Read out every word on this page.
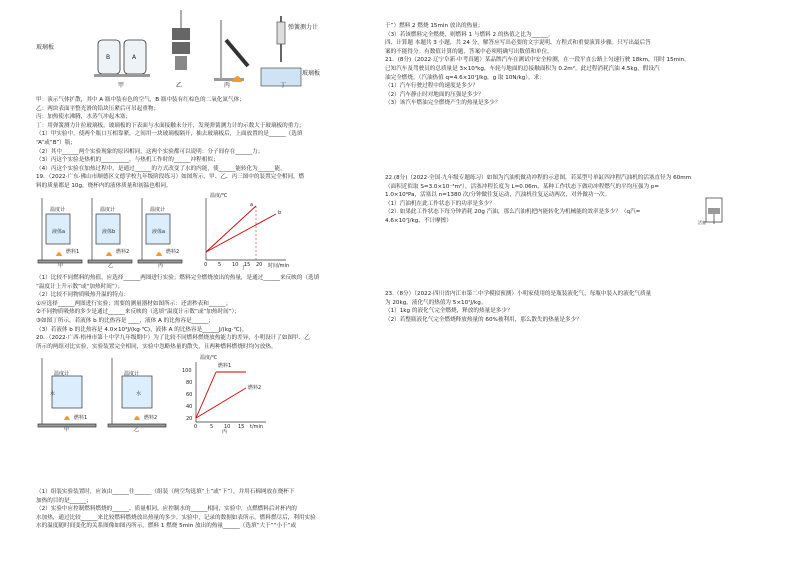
玻璃板
B	A
弹簧测力计
玻璃板
甲	乙	丙	丁

甲：演示气体扩散，其中 A 瓶中装有色的空气，B 瓶中装有红棕色的二氧化氮气体；

乙：两块表面平整光滑的铅块压紧后可吊起重物；

丙：加热使水沸腾，水蒸气冲起木塞；

丁：用弹簧测力计拉玻璃板，玻璃板的下表面与水面接触未分开，发现弹簧测力计的示数大于玻璃板的重力；

（1）甲实验中，使两个瓶口互相靠紧，之间用一块玻璃板隔开，抽去玻璃板后，上面放置的是______（选填

“A”或“B”）瓶；

（2）其中______两个实验现象的原因相同，这两个实验都可以说明：分子间存在______力；

（3）丙这个实验是热机的__________，与热机工作时的______冲程相似；

（4）丙这个实验在加热过程中，是通过______的方式改变了水的内能，使______能转化为______能。

19．（2022·广东·佛山市顺德区文德学校九年级阶段练习）如图所示，甲、乙、丙三图中的装置完全相同，燃

料的质量都是 10g，烧杯内的液体质量和初温也相同。

温度计
液体a
燃料1
温度计
液体b
燃料2
温度计
液体a
燃料2
温度/℃
时间/min
0 5 10 15 20
a
b
甲	乙	丙	丁

（1）比较不同燃料的热值，应选择______两图进行实验；燃料完全燃烧放出的热量，是通过______来反映的（选填

“温度计上升示数”或“加热时间”）；

（2）比较不同物质吸热升温的特点：

①应选择______两图进行实验；需要的测量器材如图所示：还需秒表和______；

②不同物质吸热的多少是通过______来反映的（选填“温度计示数”或“加热时间”）；

③如图丁所示，若液体 b 的比热容是 ____，液体 A 的比热容是______；

（3）若液体 b 的比热容是 4.0×10³J/(kg·℃)，液体 A 的比热容是______J/(kg·℃)。

20．（2022·广西·梧州市第十中学九年级期中）为了比较不同燃料燃烧放热能力的差异，小明设计了如图甲、乙

所示的两组对比实验，实验装置完全相同，实验中忽略热量的散失，且两种燃料燃烧时均匀放热。

温度计
水
燃料1
温度计
水
燃料2
温度/℃
t/min
100
80
60
40
20
0	5 10 15
燃料1
燃料2
甲	乙	丙

（1）组装实验装置时，应该由______往______（组装（两空均选填“上”或“下”），并用石棉网放在烧杯下

加热的目的是______；

（2）实验中应控制燃料燃烧的______、质量相同，应控制水的______相同，实验中，点燃燃料后对杯内的

水加热，通过比较______来比较燃料燃烧放出热量的多少。实验中，记录的数据如表所示，燃料燃尽后，利用实验

水的温度随时间变化的关系图像如图丙所示，燃料 1 燃烧 5min 放出的热量______（选填“大于”“小于”或

于”）燃料 2 燃烧 15min 放出的热量；

（3）若该燃料完全燃烧，则燃料 1 与燃料 2 的热值之比为______。

四、计算题 本题共 3 小题，共 24 分。解答应写出必要的文字说明、方程式和重要演算步骤。只写出最后答

案的不能得分。有数值计算的题，答案中必须明确写出数值和单位。

21．(8分)（2022·辽宁阜新·中考真题）某品牌汽车在测试中安全检测，在一段平直公路上匀速行驶 18km，用时 15min。

已知汽车及驾驶员的总质量是 3×10³kg，车轮与地面的总接触面积为 0.2m²。此过程消耗汽油 4.5kg，假设汽

油完全燃烧。（汽油热值 q=4.6×10⁷J/kg，g 取 10N/kg）。求：

（1）汽车行驶过程中的速度是多少？

（2）汽车静止时对地面的压强是多少？

（3）该汽车燃油完全燃烧产生的热量是多少？

22.(8分)（2022·全国·九年级专题练习）如图为汽油机做功冲程的示意图，若某型号单缸四冲程汽油机的活塞直径为 60mm

（面积近似取 S=3.0×10⁻³m²），活塞冲程长度为 L=0.06m，某种工作状态下做功冲程燃气的平均压强为 p=

1.0×10⁶Pa，活塞以 n=1380 次/分钟做往复运动，汽油机往复运动两次，对外做功一次。

（1）汽油机在此工作状态下的功率是多少？

（2）如果此工作状态下每分钟消耗 20g 汽油，那么汽油机把内能转化为机械能的效率是多少？（q汽=

4.6×10⁷J/kg、不计摩擦）	活塞

23.（8分）（2022·四川省内江市第二中学模拟预测）小明家使用的是瓶装液化气，每瓶中装入的液化气质量

为 20kg，液化气的热值为 5×10⁷J/kg。

（1）1kg 的液化气完全燃烧，释放的热量是多少？

（2）若整瓶液化气完全燃烧释放热量的 60%被利用，那么散失的热量是多少？
